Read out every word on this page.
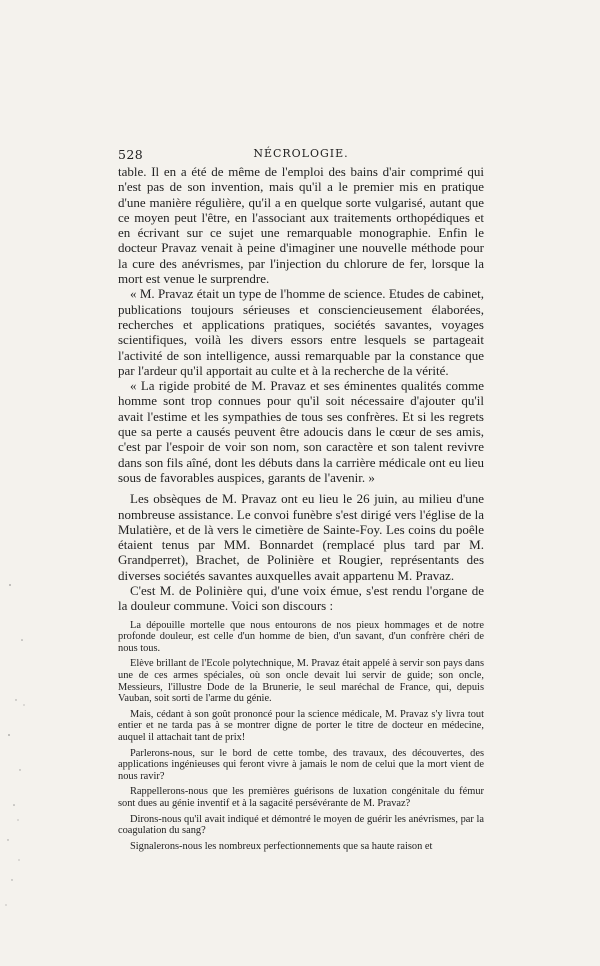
528	NÉCROLOGIE.

table. Il en a été de même de l'emploi des bains d'air comprimé qui n'est pas de son invention, mais qu'il a le premier mis en pratique d'une manière régulière, qu'il a en quelque sorte vulgarisé, autant que ce moyen peut l'être, en l'associant aux traitements orthopédiques et en écrivant sur ce sujet une remarquable monographie. Enfin le docteur Pravaz venait à peine d'imaginer une nouvelle méthode pour la cure des anévrismes, par l'injection du chlorure de fer, lorsque la mort est venue le surprendre.

« M. Pravaz était un type de l'homme de science. Etudes de cabinet, publications toujours sérieuses et consciencieusement élaborées, recherches et applications pratiques, sociétés savantes, voyages scientifiques, voilà les divers essors entre lesquels se partageait l'activité de son intelligence, aussi remarquable par la constance que par l'ardeur qu'il apportait au culte et à la recherche de la vérité.

« La rigide probité de M. Pravaz et ses éminentes qualités comme homme sont trop connues pour qu'il soit nécessaire d'ajouter qu'il avait l'estime et les sympathies de tous ses confrères. Et si les regrets que sa perte a causés peuvent être adoucis dans le cœur de ses amis, c'est par l'espoir de voir son nom, son caractère et son talent revivre dans son fils aîné, dont les débuts dans la carrière médicale ont eu lieu sous de favorables auspices, garants de l'avenir. »

Les obsèques de M. Pravaz ont eu lieu le 26 juin, au milieu d'une nombreuse assistance. Le convoi funèbre s'est dirigé vers l'église de la Mulatière, et de là vers le cimetière de Sainte-Foy. Les coins du poêle étaient tenus par MM. Bonnardet (remplacé plus tard par M. Grandperret), Brachet, de Polinière et Rougier, représentants des diverses sociétés savantes auxquelles avait appartenu M. Pravaz.

C'est M. de Polinière qui, d'une voix émue, s'est rendu l'organe de la douleur commune. Voici son discours :

La dépouille mortelle que nous entourons de nos pieux hommages et de notre profonde douleur, est celle d'un homme de bien, d'un savant, d'un confrère chéri de nous tous.

Elève brillant de l'Ecole polytechnique, M. Pravaz était appelé à servir son pays dans une de ces armes spéciales, où son oncle devait lui servir de guide; son oncle, Messieurs, l'illustre Dode de la Brunerie, le seul maréchal de France, qui, depuis Vauban, soit sorti de l'arme du génie.

Mais, cédant à son goût prononcé pour la science médicale, M. Pravaz s'y livra tout entier et ne tarda pas à se montrer digne de porter le titre de docteur en médecine, auquel il attachait tant de prix!

Parlerons-nous, sur le bord de cette tombe, des travaux, des découvertes, des applications ingénieuses qui feront vivre à jamais le nom de celui que la mort vient de nous ravir?

Rappellerons-nous que les premières guérisons de luxation congénitale du fémur sont dues au génie inventif et à la sagacité persévérante de M. Pravaz?

Dirons-nous qu'il avait indiqué et démontré le moyen de guérir les anévrismes, par la coagulation du sang?

Signalerons-nous les nombreux perfectionnements que sa haute raison et
